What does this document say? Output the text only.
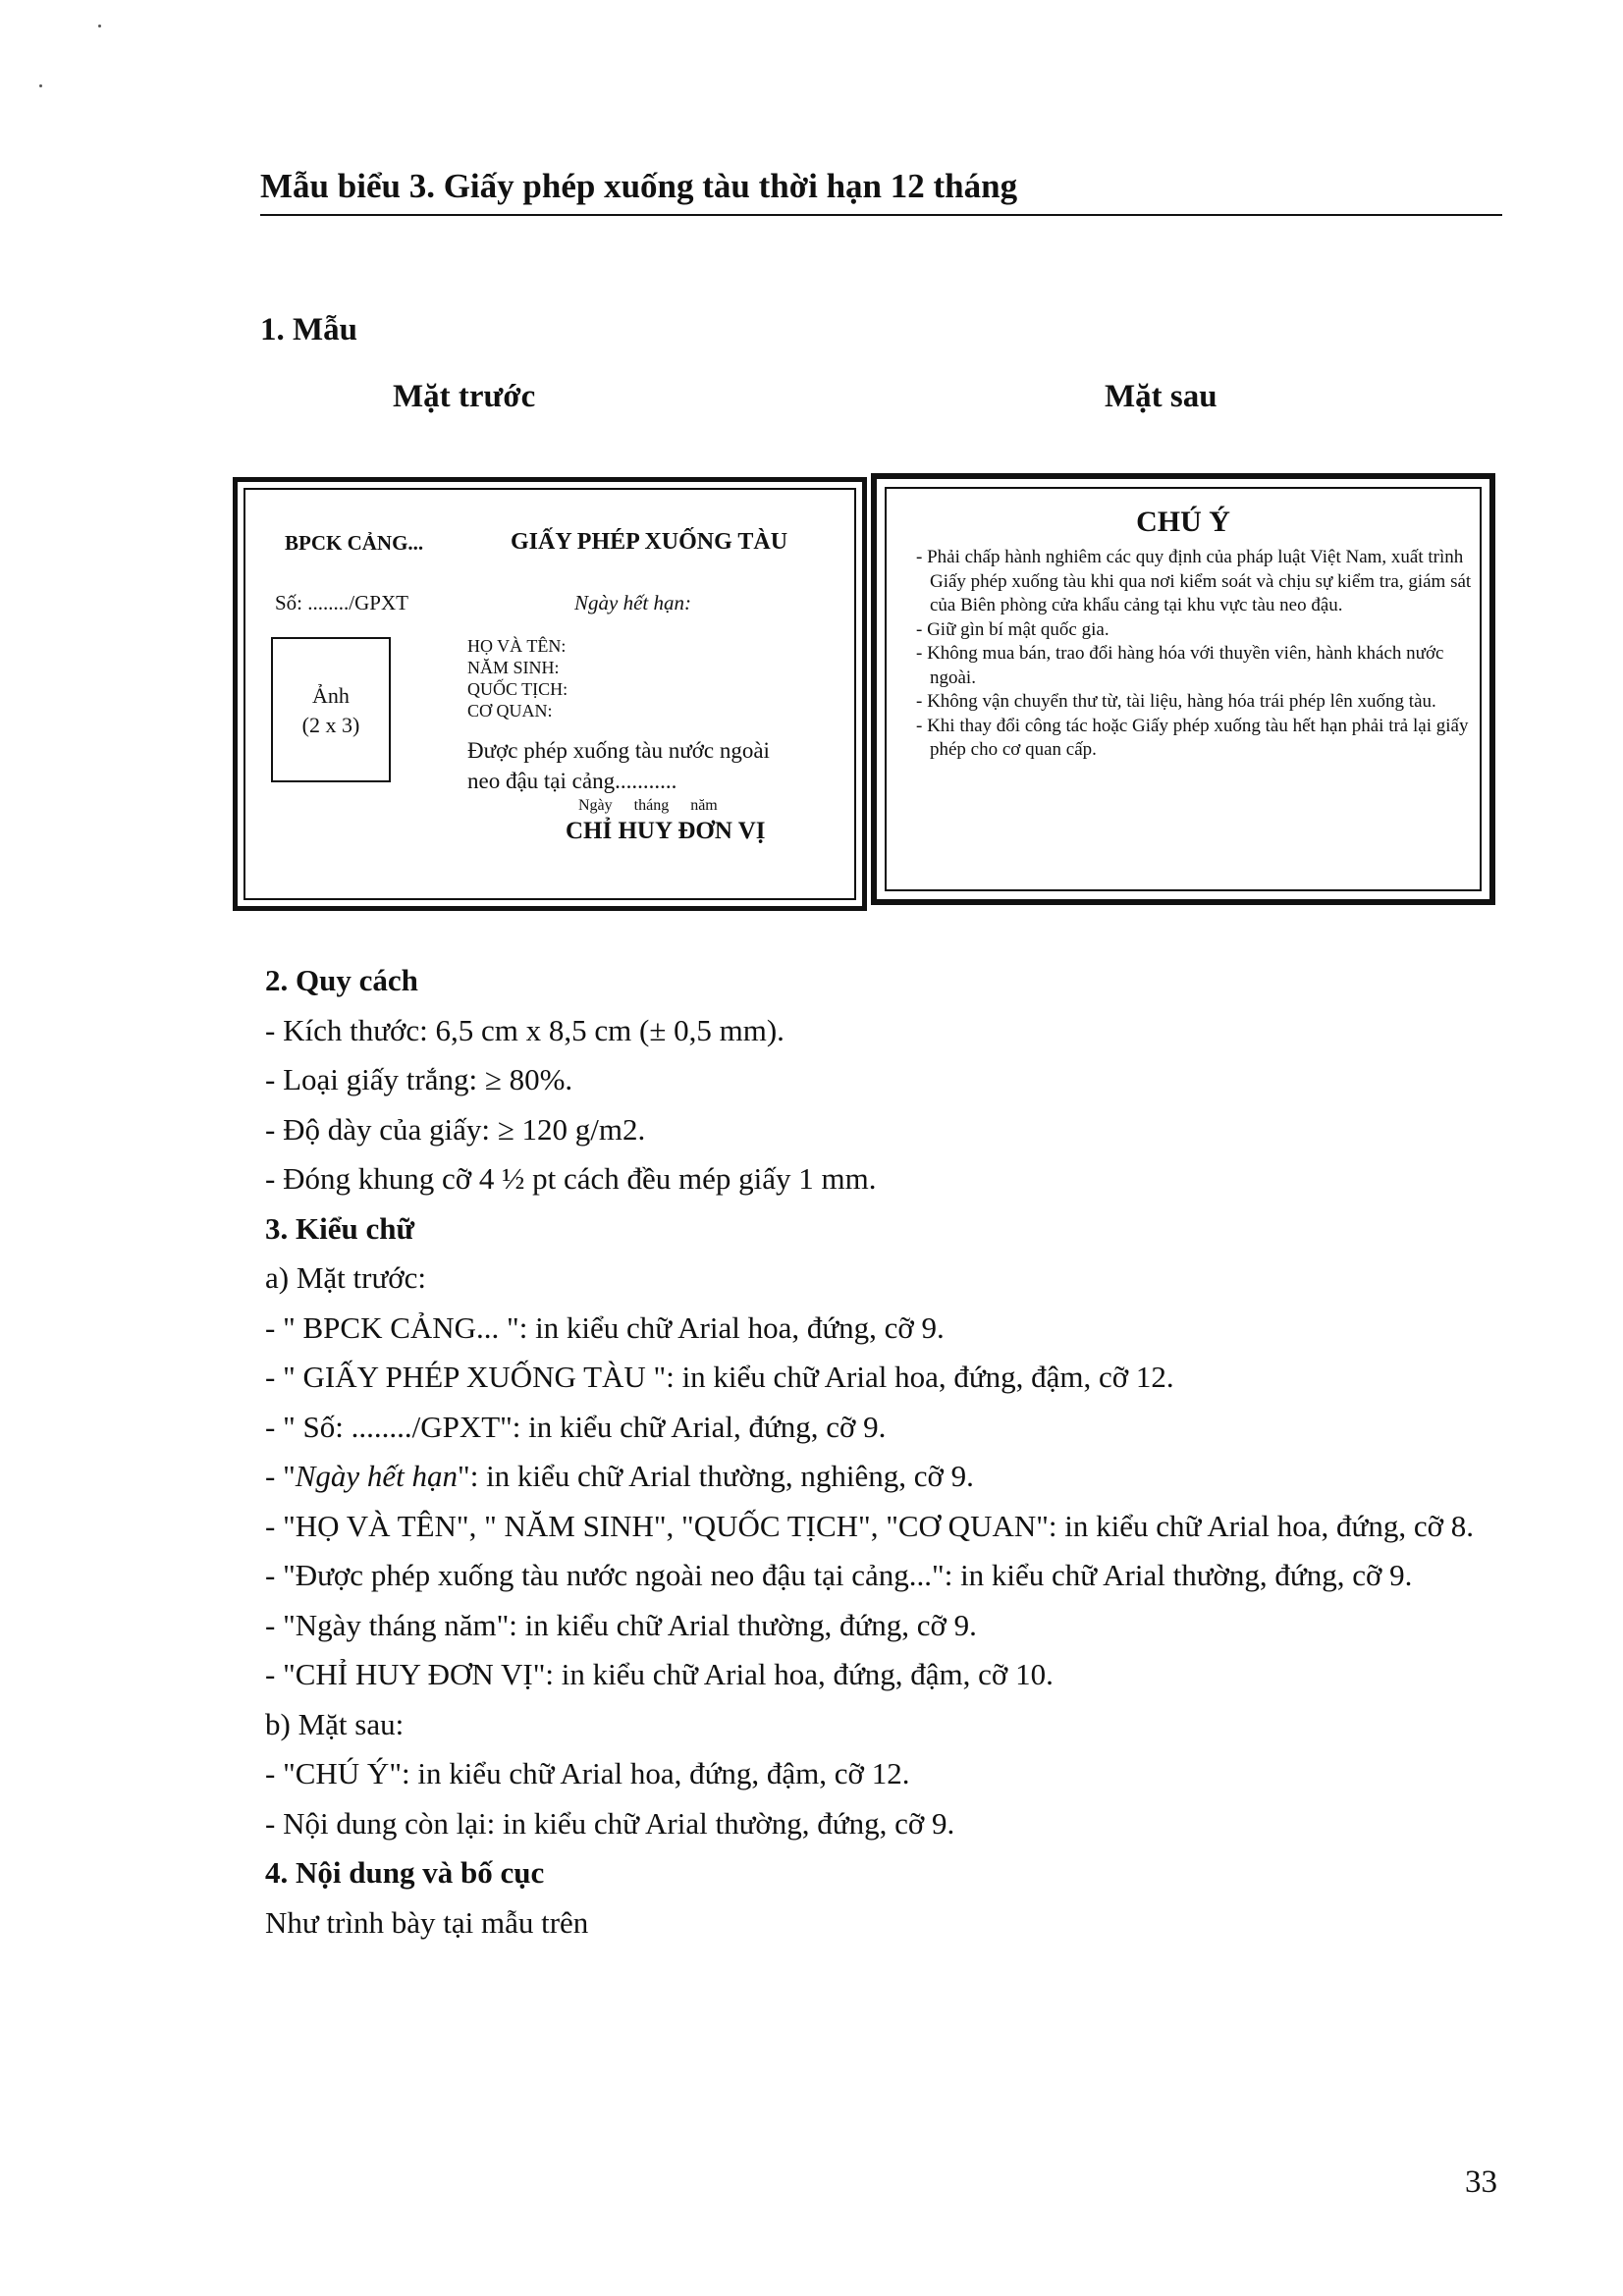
Mẫu biểu 3. Giấy phép xuống tàu thời hạn 12 tháng
1. Mẫu
Mặt trước	Mặt sau
BPCK CẢNG...	GIẤY PHÉP XUỐNG TÀU
Số: ......../GPXT	Ngày hết hạn:
Ảnh
(2 x 3)
HỌ VÀ TÊN:
NĂM SINH:
QUỐC TỊCH:
CƠ QUAN:
Được phép xuống tàu nước ngoài
neo đậu tại cảng...........
Ngày tháng năm
CHỈ HUY ĐƠN VỊ
CHÚ Ý
- Phải chấp hành nghiêm các quy định của pháp luật Việt Nam, xuất trình Giấy phép xuống tàu khi qua nơi kiểm soát và chịu sự kiểm tra, giám sát của Biên phòng cửa khẩu cảng tại khu vực tàu neo đậu.
- Giữ gìn bí mật quốc gia.
- Không mua bán, trao đổi hàng hóa với thuyền viên, hành khách nước ngoài.
- Không vận chuyển thư từ, tài liệu, hàng hóa trái phép lên xuống tàu.
- Khi thay đổi công tác hoặc Giấy phép xuống tàu hết hạn phải trả lại giấy phép cho cơ quan cấp.
2. Quy cách
- Kích thước: 6,5 cm x 8,5 cm (± 0,5 mm).
- Loại giấy trắng: ≥ 80%.
- Độ dày của giấy: ≥ 120 g/m2.
- Đóng khung cỡ 4 ½ pt cách đều mép giấy 1 mm.
3. Kiểu chữ
a) Mặt trước:
- " BPCK CẢNG... ": in kiểu chữ Arial hoa, đứng, cỡ 9.
- " GIẤY PHÉP XUỐNG TÀU ": in kiểu chữ Arial hoa, đứng, đậm, cỡ 12.
- " Số: ......../GPXT": in kiểu chữ Arial, đứng, cỡ 9.
- "Ngày hết hạn": in kiểu chữ Arial thường, nghiêng, cỡ 9.
- "HỌ VÀ TÊN", " NĂM SINH", "QUỐC TỊCH", "CƠ QUAN": in kiểu chữ Arial hoa, đứng, cỡ 8.
- "Được phép xuống tàu nước ngoài neo đậu tại cảng...": in kiểu chữ Arial thường, đứng, cỡ 9.
- "Ngày tháng năm": in kiểu chữ Arial thường, đứng, cỡ 9.
- "CHỈ HUY ĐƠN VỊ": in kiểu chữ Arial hoa, đứng, đậm, cỡ 10.
b) Mặt sau:
- "CHÚ Ý": in kiểu chữ Arial hoa, đứng, đậm, cỡ 12.
- Nội dung còn lại: in kiểu chữ Arial thường, đứng, cỡ 9.
4. Nội dung và bố cục
Như trình bày tại mẫu trên
33
